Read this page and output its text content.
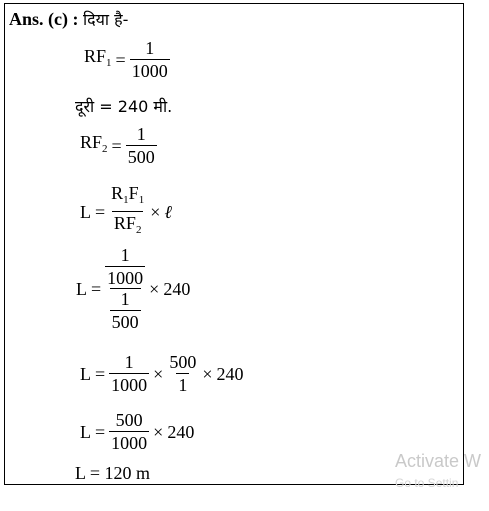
Ans. (c) : दिया है-
$RF_1 = \frac{1}{1000}$
दूरी = 240 मी.
$RF_2 = \frac{1}{500}$
$L = \frac{R_1F_1}{RF_2}$ × ℓ
$L = \frac{\frac{1}{1000}}{\frac{1}{500}} \times 240$
$L = \frac{1}{1000} \times \frac{500}{1} \times 240$
$L = \frac{500}{1000} \times 240$
L = 120 m
Activate W
Go to Settin
